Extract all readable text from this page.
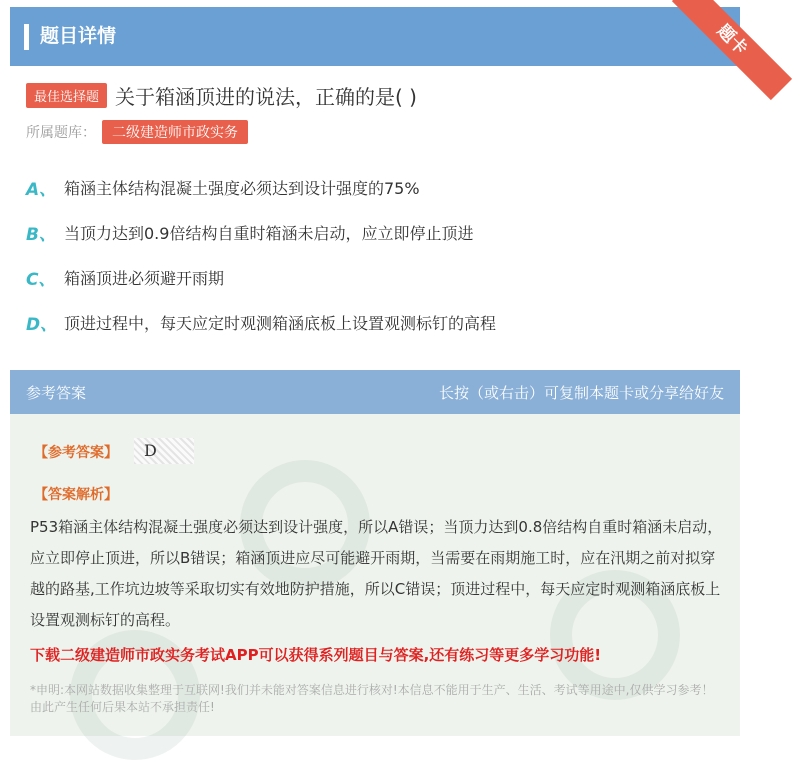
题目详情	题卡
最佳选择题 关于箱涵顶进的说法，正确的是( )
所属题库：	二级建造师市政实务
A、 箱涵主体结构混凝土强度必须达到设计强度的75%
B、 当顶力达到0.9倍结构自重时箱涵未启动，应立即停止顶进
C、 箱涵顶进必须避开雨期
D、 顶进过程中，每天应定时观测箱涵底板上设置观测标钉的高程
参考答案	长按（或右击）可复制本题卡或分享给好友
【参考答案】	D
【答案解析】
P53箱涵主体结构混凝土强度必须达到设计强度，所以A错误；当顶力达到0.8倍结构自重时箱涵未启动，应立即停止顶进，所以B错误；箱涵顶进应尽可能避开雨期，当需要在雨期施工时，应在汛期之前对拟穿越的路基,工作坑边坡等采取切实有效地防护措施，所以C错误；顶进过程中，每天应定时观测箱涵底板上设置观测标钉的高程。
下载二级建造师市政实务考试APP可以获得系列题目与答案,还有练习等更多学习功能!
*申明:本网站数据收集整理于互联网!我们并未能对答案信息进行核对!本信息不能用于生产、生活、考试等用途中,仅供学习参考！由此产生任何后果本站不承担责任!
